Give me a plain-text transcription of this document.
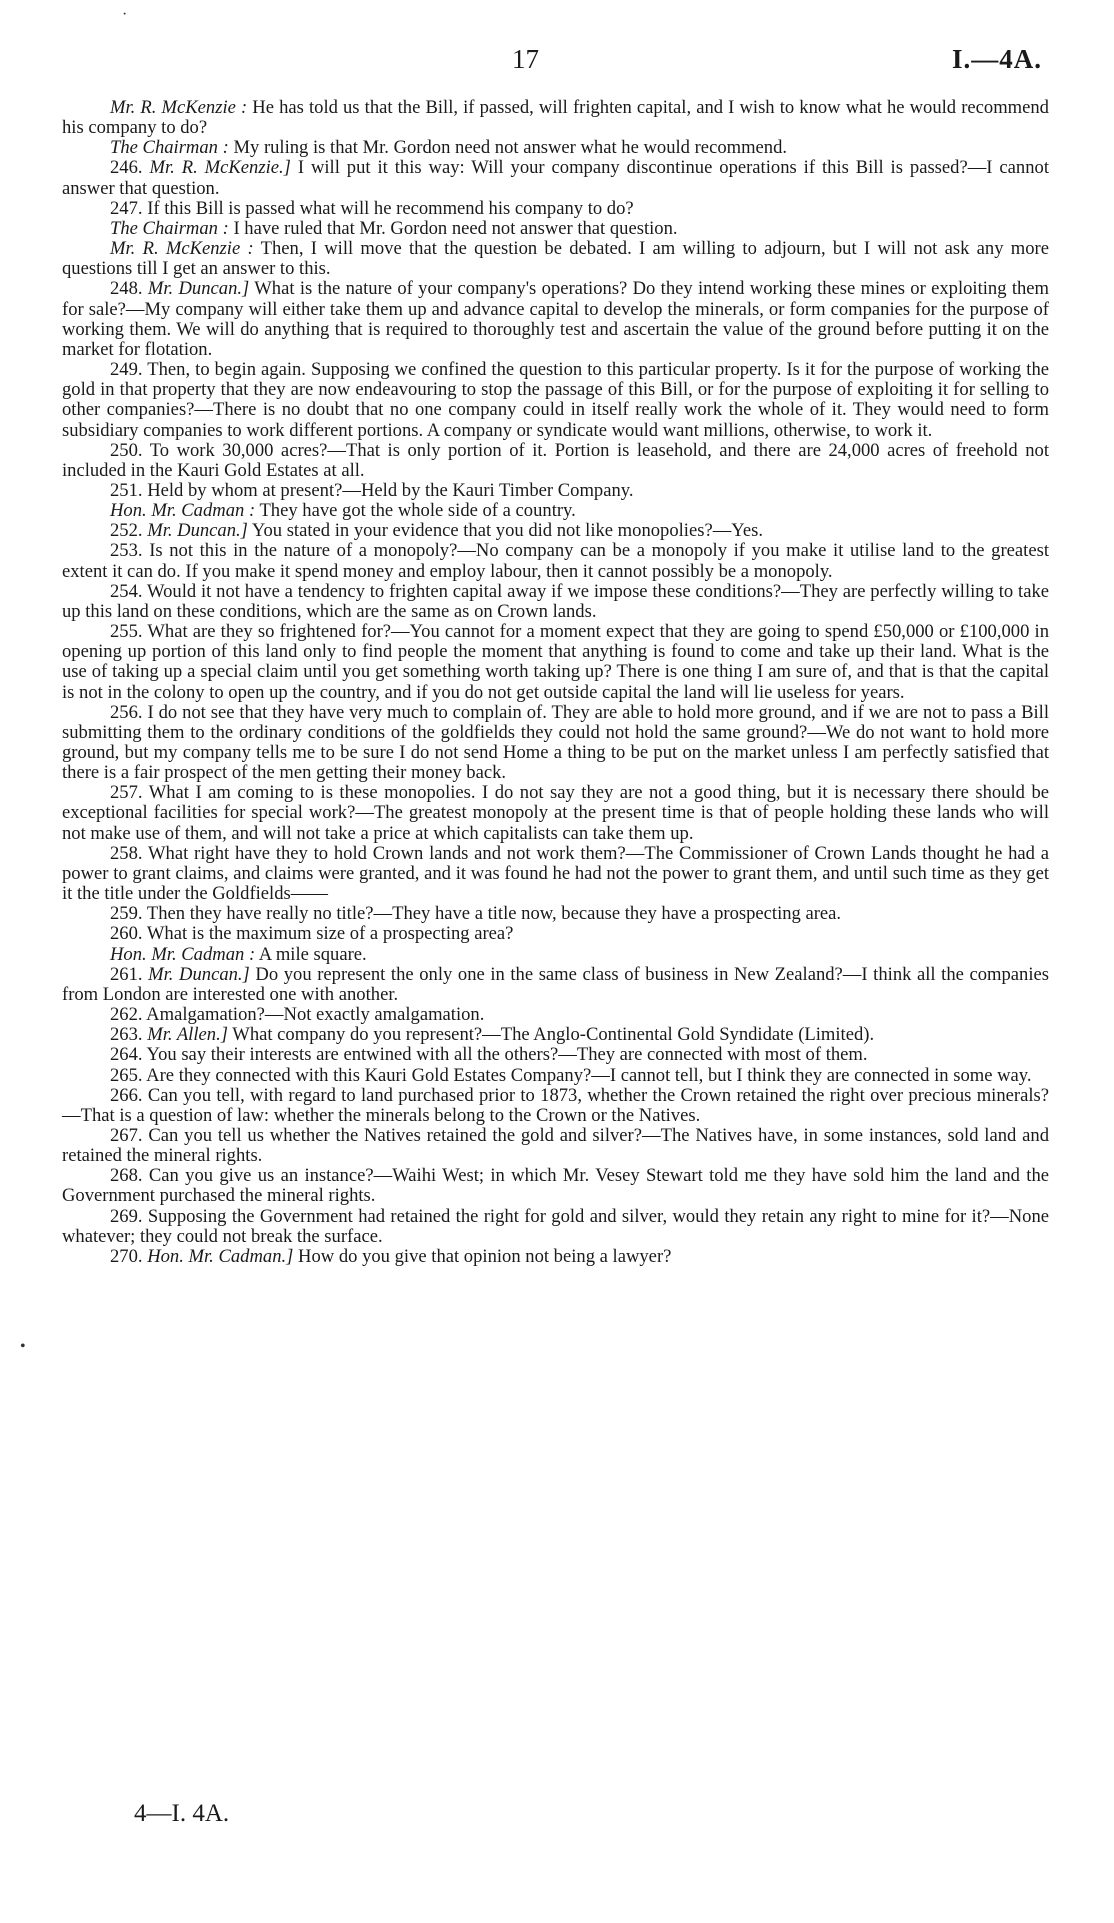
·
17	I.—4A.

Mr. R. McKenzie : He has told us that the Bill, if passed, will frighten capital, and I wish to know what he would recommend his company to do?

The Chairman : My ruling is that Mr. Gordon need not answer what he would recommend.

246. Mr. R. McKenzie.] I will put it this way: Will your company discontinue operations if this Bill is passed?—I cannot answer that question.

247. If this Bill is passed what will he recommend his company to do?

The Chairman : I have ruled that Mr. Gordon need not answer that question.

Mr. R. McKenzie : Then, I will move that the question be debated. I am willing to adjourn, but I will not ask any more questions till I get an answer to this.

248. Mr. Duncan.] What is the nature of your company's operations? Do they intend working these mines or exploiting them for sale?—My company will either take them up and advance capital to develop the minerals, or form companies for the purpose of working them. We will do anything that is required to thoroughly test and ascertain the value of the ground before putting it on the market for flotation.

249. Then, to begin again. Supposing we confined the question to this particular property. Is it for the purpose of working the gold in that property that they are now endeavouring to stop the passage of this Bill, or for the purpose of exploiting it for selling to other companies?—There is no doubt that no one company could in itself really work the whole of it. They would need to form subsidiary companies to work different portions. A company or syndicate would want millions, otherwise, to work it.

250. To work 30,000 acres?—That is only portion of it. Portion is leasehold, and there are 24,000 acres of freehold not included in the Kauri Gold Estates at all.

251. Held by whom at present?—Held by the Kauri Timber Company.

Hon. Mr. Cadman : They have got the whole side of a country.

252. Mr. Duncan.] You stated in your evidence that you did not like monopolies?—Yes.

253. Is not this in the nature of a monopoly?—No company can be a monopoly if you make it utilise land to the greatest extent it can do. If you make it spend money and employ labour, then it cannot possibly be a monopoly.

254. Would it not have a tendency to frighten capital away if we impose these conditions?—They are perfectly willing to take up this land on these conditions, which are the same as on Crown lands.

255. What are they so frightened for?—You cannot for a moment expect that they are going to spend £50,000 or £100,000 in opening up portion of this land only to find people the moment that anything is found to come and take up their land. What is the use of taking up a special claim until you get something worth taking up? There is one thing I am sure of, and that is that the capital is not in the colony to open up the country, and if you do not get outside capital the land will lie useless for years.

256. I do not see that they have very much to complain of. They are able to hold more ground, and if we are not to pass a Bill submitting them to the ordinary conditions of the goldfields they could not hold the same ground?—We do not want to hold more ground, but my company tells me to be sure I do not send Home a thing to be put on the market unless I am perfectly satisfied that there is a fair prospect of the men getting their money back.

257. What I am coming to is these monopolies. I do not say they are not a good thing, but it is necessary there should be exceptional facilities for special work?—The greatest monopoly at the present time is that of people holding these lands who will not make use of them, and will not take a price at which capitalists can take them up.

258. What right have they to hold Crown lands and not work them?—The Commissioner of Crown Lands thought he had a power to grant claims, and claims were granted, and it was found he had not the power to grant them, and until such time as they get it the title under the Goldfields——

259. Then they have really no title?—They have a title now, because they have a prospecting area.

260. What is the maximum size of a prospecting area?

Hon. Mr. Cadman : A mile square.

261. Mr. Duncan.] Do you represent the only one in the same class of business in New Zealand?—I think all the companies from London are interested one with another.

262. Amalgamation?—Not exactly amalgamation.

263. Mr. Allen.] What company do you represent?—The Anglo-Continental Gold Syndidate (Limited).

264. You say their interests are entwined with all the others?—They are connected with most of them.

265. Are they connected with this Kauri Gold Estates Company?—I cannot tell, but I think they are connected in some way.

266. Can you tell, with regard to land purchased prior to 1873, whether the Crown retained the right over precious minerals?—That is a question of law: whether the minerals belong to the Crown or the Natives.

267. Can you tell us whether the Natives retained the gold and silver?—The Natives have, in some instances, sold land and retained the mineral rights.

268. Can you give us an instance?—Waihi West; in which Mr. Vesey Stewart told me they have sold him the land and the Government purchased the mineral rights.

269. Supposing the Government had retained the right for gold and silver, would they retain any right to mine for it?—None whatever; they could not break the surface.

270. Hon. Mr. Cadman.] How do you give that opinion not being a lawyer?

•
4—I. 4A.
